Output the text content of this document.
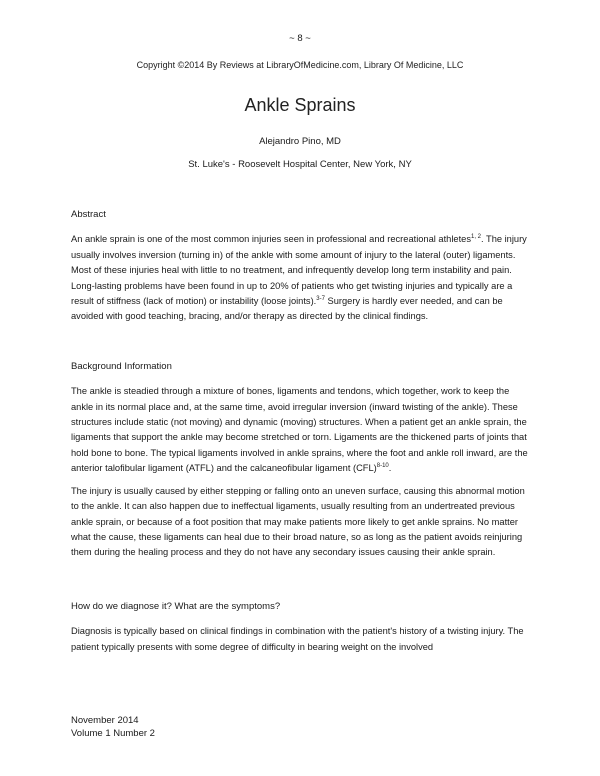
~ 8 ~
Copyright ©2014 By Reviews at LibraryOfMedicine.com, Library Of Medicine, LLC
Ankle Sprains
Alejandro Pino, MD
St. Luke's - Roosevelt Hospital Center, New York, NY
Abstract

An ankle sprain is one of the most common injuries seen in professional and recreational athletes$^{1, 2}$. The injury usually involves inversion (turning in) of the ankle with some amount of injury to the lateral (outer) ligaments. Most of these injuries heal with little to no treatment, and infrequently develop long term instability and pain. Long-lasting problems have been found in up to 20% of patients who get twisting injuries and typically are a result of stiffness (lack of motion) or instability (loose joints).$^{3-7}$ Surgery is hardly ever needed, and can be avoided with good teaching, bracing, and/or therapy as directed by the clinical findings.

Background Information

The ankle is steadied through a mixture of bones, ligaments and tendons, which together, work to keep the ankle in its normal place and, at the same time, avoid irregular inversion (inward twisting of the ankle). These structures include static (not moving) and dynamic (moving) structures. When a patient get an ankle sprain, the ligaments that support the ankle may become stretched or torn. Ligaments are the thickened parts of joints that hold bone to bone. The typical ligaments involved in ankle sprains, where the foot and ankle roll inward, are the anterior talofibular ligament (ATFL) and the calcaneofibular ligament (CFL)$^{8-10}$.

The injury is usually caused by either stepping or falling onto an uneven surface, causing this abnormal motion to the ankle. It can also happen due to ineffectual ligaments, usually resulting from an undertreated previous ankle sprain, or because of a foot position that may make patients more likely to get ankle sprains. No matter what the cause, these ligaments can heal due to their broad nature, so as long as the patient avoids reinjuring them during the healing process and they do not have any secondary issues causing their ankle sprain.

How do we diagnose it? What are the symptoms?

Diagnosis is typically based on clinical findings in combination with the patient's history of a twisting injury. The patient typically presents with some degree of difficulty in bearing weight on the involved

November 2014
Volume 1 Number 2
